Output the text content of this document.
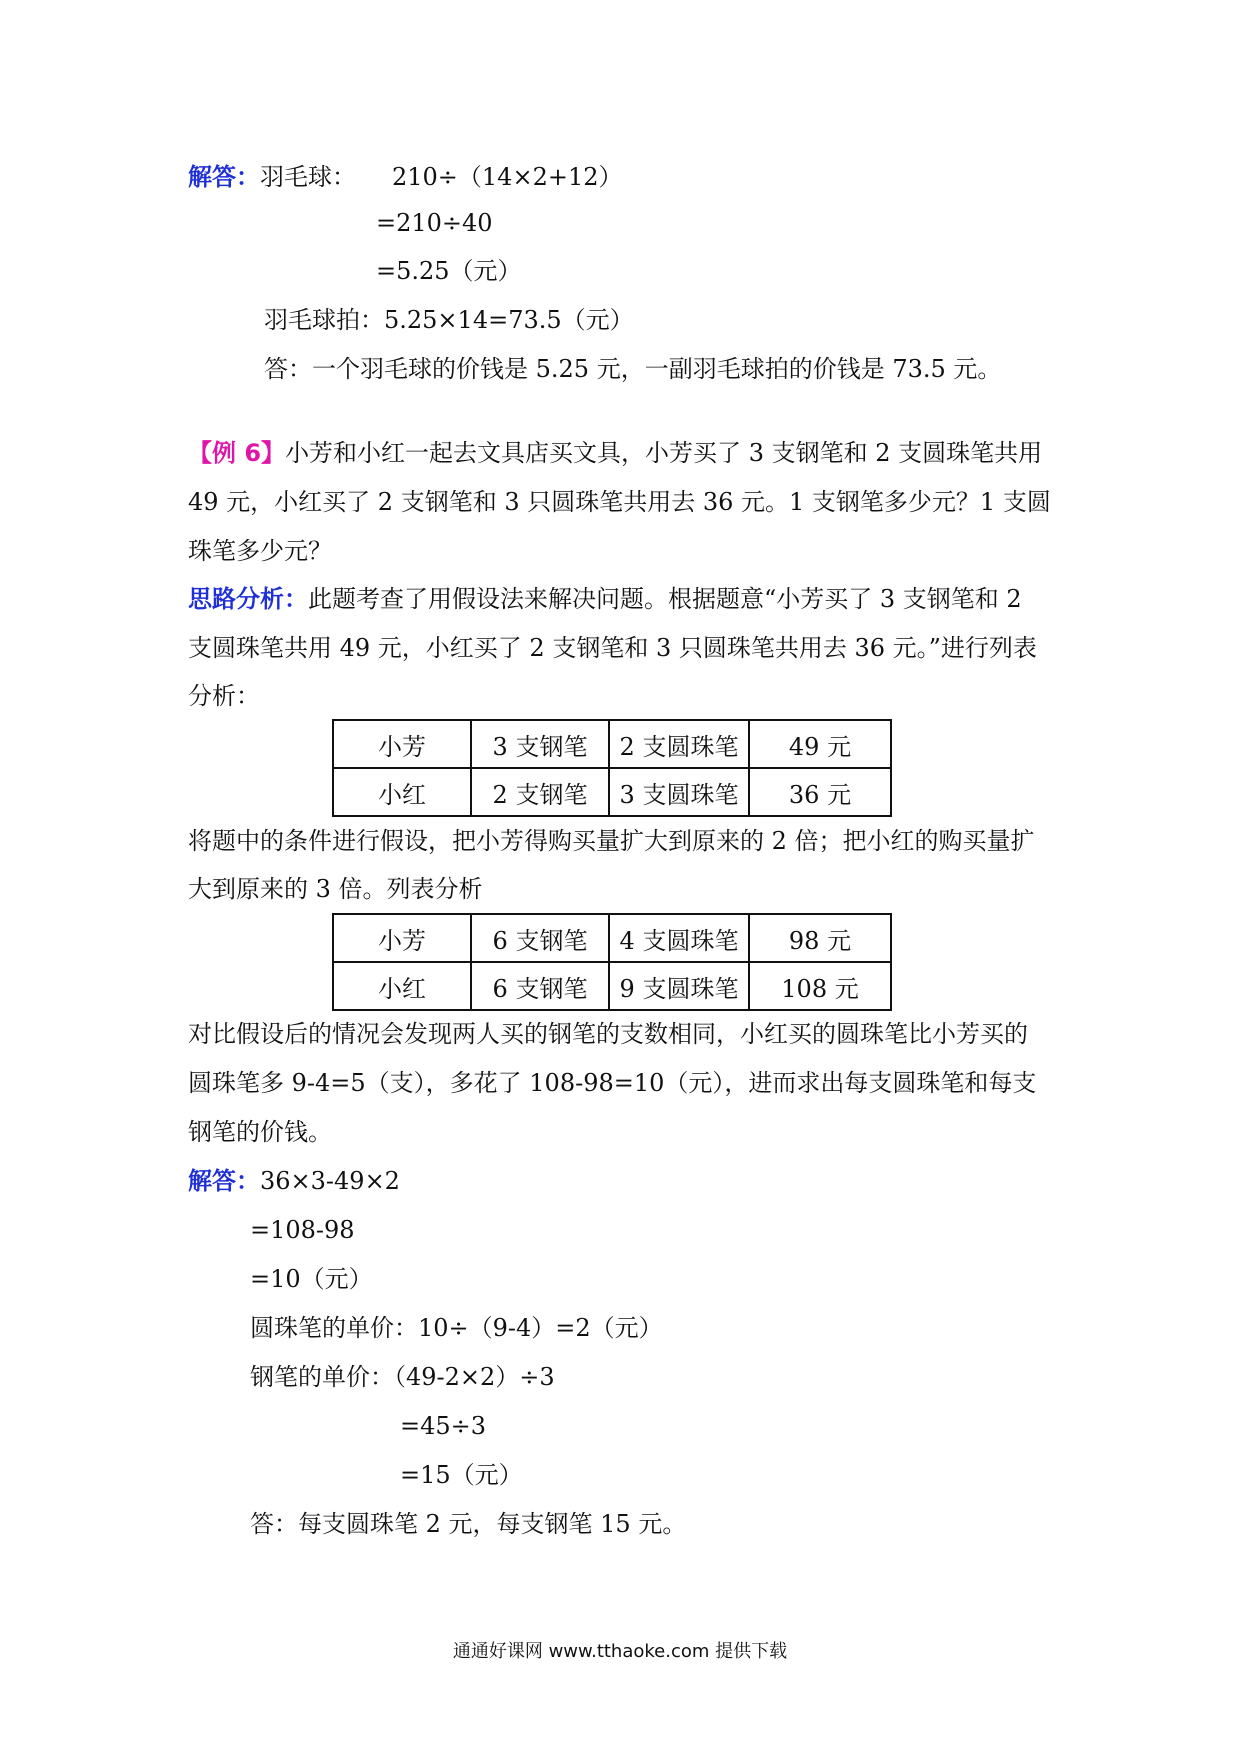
解答：羽毛球： 210÷（14×2+12）
=210÷40
=5.25（元）
羽毛球拍：5.25×14=73.5（元）
答：一个羽毛球的价钱是 5.25 元，一副羽毛球拍的价钱是 73.5 元。
【例 6】小芳和小红一起去文具店买文具，小芳买了 3 支钢笔和 2 支圆珠笔共用
49 元，小红买了 2 支钢笔和 3 只圆珠笔共用去 36 元。1 支钢笔多少元？1 支圆
珠笔多少元？
思路分析：此题考查了用假设法来解决问题。根据题意“小芳买了 3 支钢笔和 2
支圆珠笔共用 49 元，小红买了 2 支钢笔和 3 只圆珠笔共用去 36 元。”进行列表
分析：
小芳	3 支钢笔	2 支圆珠笔	49 元
小红	2 支钢笔	3 支圆珠笔	36 元
将题中的条件进行假设，把小芳得购买量扩大到原来的 2 倍；把小红的购买量扩
大到原来的 3 倍。列表分析
小芳	6 支钢笔	4 支圆珠笔	98 元
小红	6 支钢笔	9 支圆珠笔	108 元
对比假设后的情况会发现两人买的钢笔的支数相同，小红买的圆珠笔比小芳买的
圆珠笔多 9-4=5（支），多花了 108-98=10（元），进而求出每支圆珠笔和每支
钢笔的价钱。
解答：36×3-49×2
=108-98
=10（元）
圆珠笔的单价：10÷（9-4）=2（元）
钢笔的单价：（49-2×2）÷3
=45÷3
=15（元）
答：每支圆珠笔 2 元，每支钢笔 15 元。
通通好课网 www.tthaoke.com 提供下载
